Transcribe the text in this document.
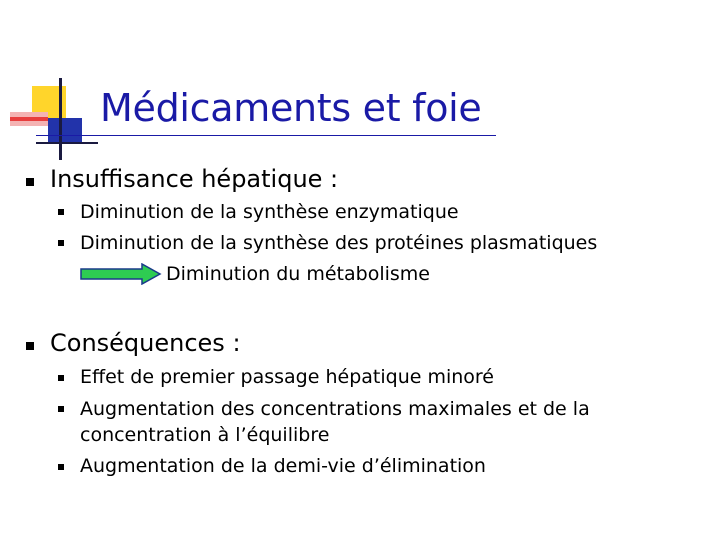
Médicaments et foie
Insuffisance hépatique :
Diminution de la synthèse enzymatique
Diminution de la synthèse des protéines plasmatiques
Diminution du métabolisme
Conséquences :
Effet de premier passage hépatique minoré
Augmentation des concentrations maximales et de la
concentration à l’équilibre
Augmentation de la demi-vie d’élimination
